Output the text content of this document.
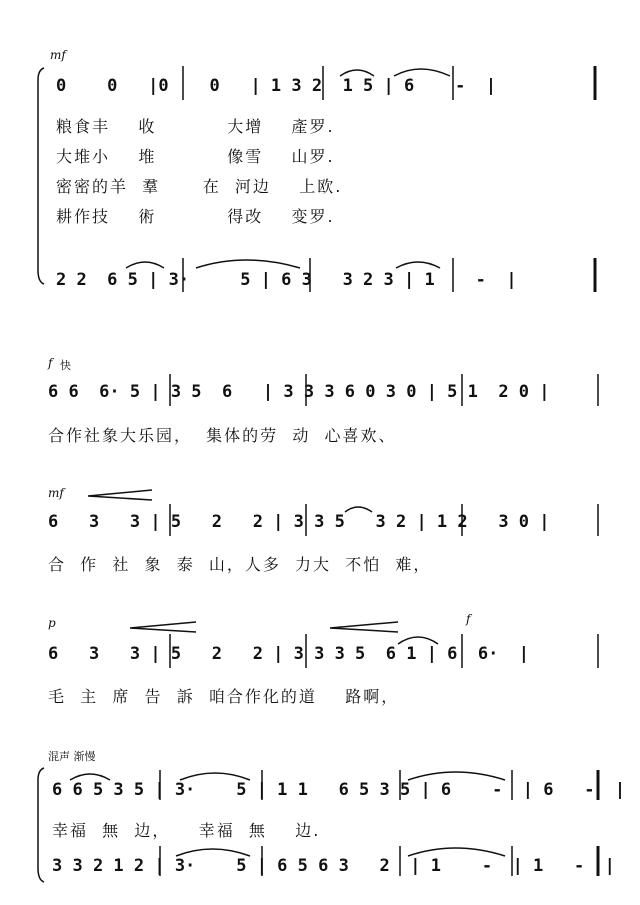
mf
0    0   |0    0   | 1 3 2  1 5 | 6    -  |
粮食丰    收          大增    產罗.
大堆小    堆          像雪    山罗.
密密的羊  羣      在  河边    上欧.
耕作技    術          得改    变罗.
2 2  6 5 | 3·     5 | 6 3   3 2 3 | 1    -  |
f 快
6 6  6· 5 | 3 5  6   | 3 3 3 6 0 3 0 | 5 1  2 0 |
合作社象大乐园，  集体的劳  动  心喜欢、
mf
6   3   3 | 5   2   2 | 3 3 5   3 2 | 1 2   3 0 |
合  作  社  象  泰  山，人多  力大  不怕  难，
p	f
6   3   3 | 5   2   2 | 3 3 3 5  6 1 | 6  6·  |
毛  主  席  告  訴  咱合作化的道    路啊，
混声 渐慢
6 6 5 3 5 | 3·    5 | 1 1   6 5 3 5 | 6    -  | 6   -  |
幸福  無  边，    幸福  無    边.
3 3 2 1 2 | 3·    5 | 6 5 6 3   2  | 1    -  | 1   -  |
